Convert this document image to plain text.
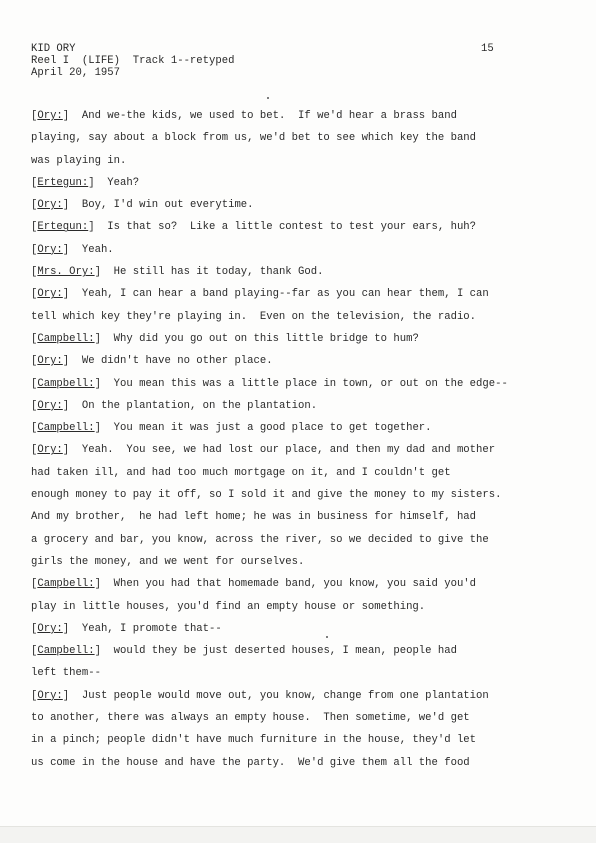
KID ORY
Reel I  (LIFE)  Track 1--retyped
April 20, 1957
15
[Ory:]  And we-the kids, we used to bet.  If we'd hear a brass band
playing, say about a block from us, we'd bet to see which key the band
was playing in.
[Ertegun:]  Yeah?
[Ory:]  Boy, I'd win out everytime.
[Ertegun:]  Is that so?  Like a little contest to test your ears, huh?
[Ory:]  Yeah.
[Mrs. Ory:]  He still has it today, thank God.
[Ory:]  Yeah, I can hear a band playing--far as you can hear them, I can
tell which key they're playing in.  Even on the television, the radio.
[Campbell:]  Why did you go out on this little bridge to hum?
[Ory:]  We didn't have no other place.
[Campbell:]  You mean this was a little place in town, or out on the edge--
[Ory:]  On the plantation, on the plantation.
[Campbell:]  You mean it was just a good place to get together.
[Ory:]  Yeah.  You see, we had lost our place, and then my dad and mother
had taken ill, and had too much mortgage on it, and I couldn't get
enough money to pay it off, so I sold it and give the money to my sisters.
And my brother,  he had left home; he was in business for himself, had
a grocery and bar, you know, across the river, so we decided to give the
girls the money, and we went for ourselves.
[Campbell:]  When you had that homemade band, you know, you said you'd
play in little houses, you'd find an empty house or something.
[Ory:]  Yeah, I promote that--
[Campbell:]  would they be just deserted houses, I mean, people had
left them--
[Ory:]  Just people would move out, you know, change from one plantation
to another, there was always an empty house.  Then sometime, we'd get
in a pinch; people didn't have much furniture in the house, they'd let
us come in the house and have the party.  We'd give them all the food
